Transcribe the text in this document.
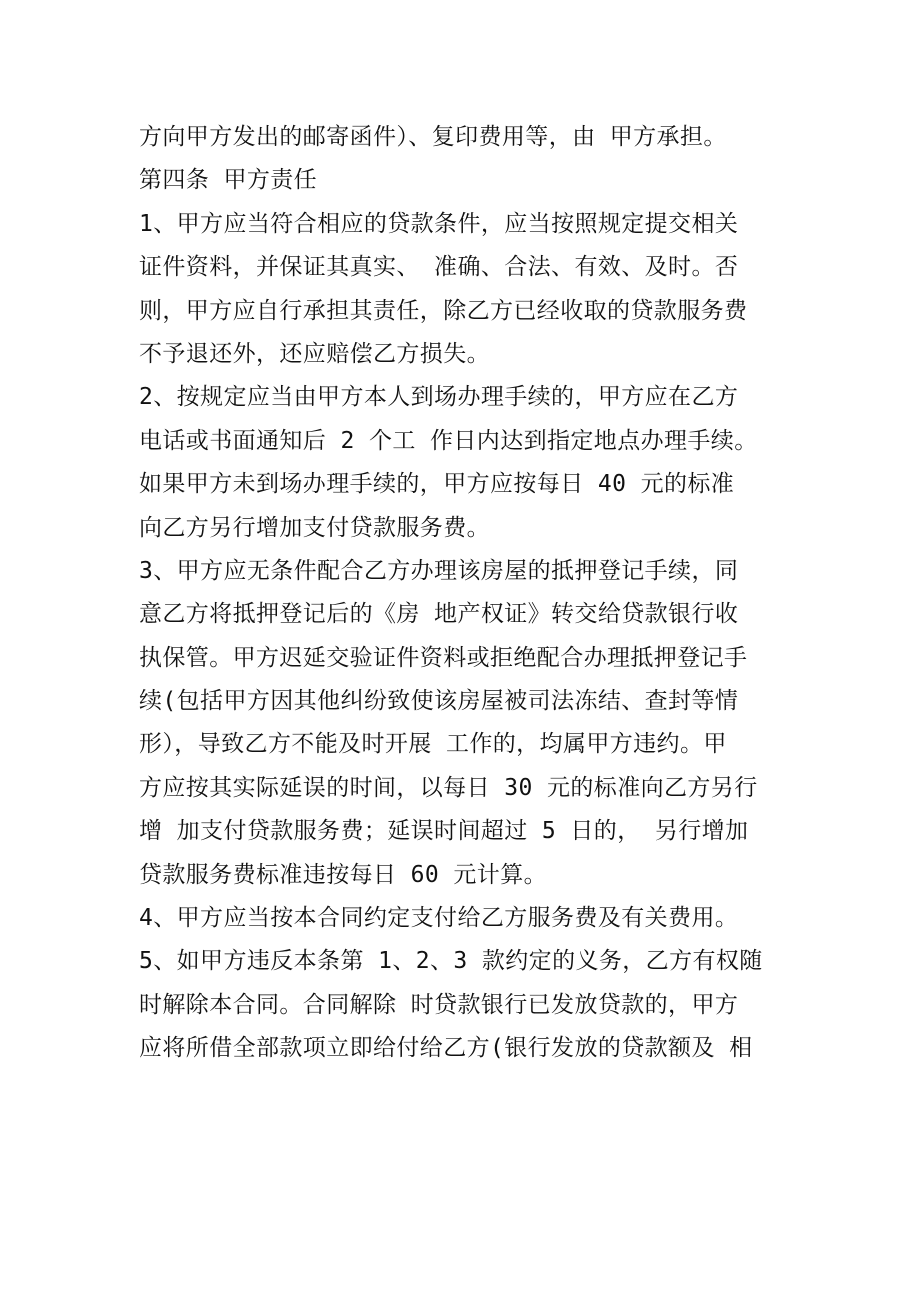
方向甲方发出的邮寄函件）、复印费用等，由 甲方承担。
第四条 甲方责任
1、甲方应当符合相应的贷款条件，应当按照规定提交相关
证件资料，并保证其真实、 准确、合法、有效、及时。否
则，甲方应自行承担其责任，除乙方已经收取的贷款服务费
不予退还外，还应赔偿乙方损失。
2、按规定应当由甲方本人到场办理手续的，甲方应在乙方
电话或书面通知后 2 个工 作日内达到指定地点办理手续。
如果甲方未到场办理手续的，甲方应按每日 40 元的标准
向乙方另行增加支付贷款服务费。
3、甲方应无条件配合乙方办理该房屋的抵押登记手续，同
意乙方将抵押登记后的《房 地产权证》转交给贷款银行收
执保管。甲方迟延交验证件资料或拒绝配合办理抵押登记手
续(包括甲方因其他纠纷致使该房屋被司法冻结、查封等情
形），导致乙方不能及时开展 工作的，均属甲方违约。甲
方应按其实际延误的时间，以每日 30 元的标准向乙方另行
增 加支付贷款服务费；延误时间超过 5 日的， 另行增加
贷款服务费标准违按每日 60 元计算。
4、甲方应当按本合同约定支付给乙方服务费及有关费用。
5、如甲方违反本条第 1、2、3 款约定的义务，乙方有权随
时解除本合同。合同解除 时贷款银行已发放贷款的，甲方
应将所借全部款项立即给付给乙方(银行发放的贷款额及 相
